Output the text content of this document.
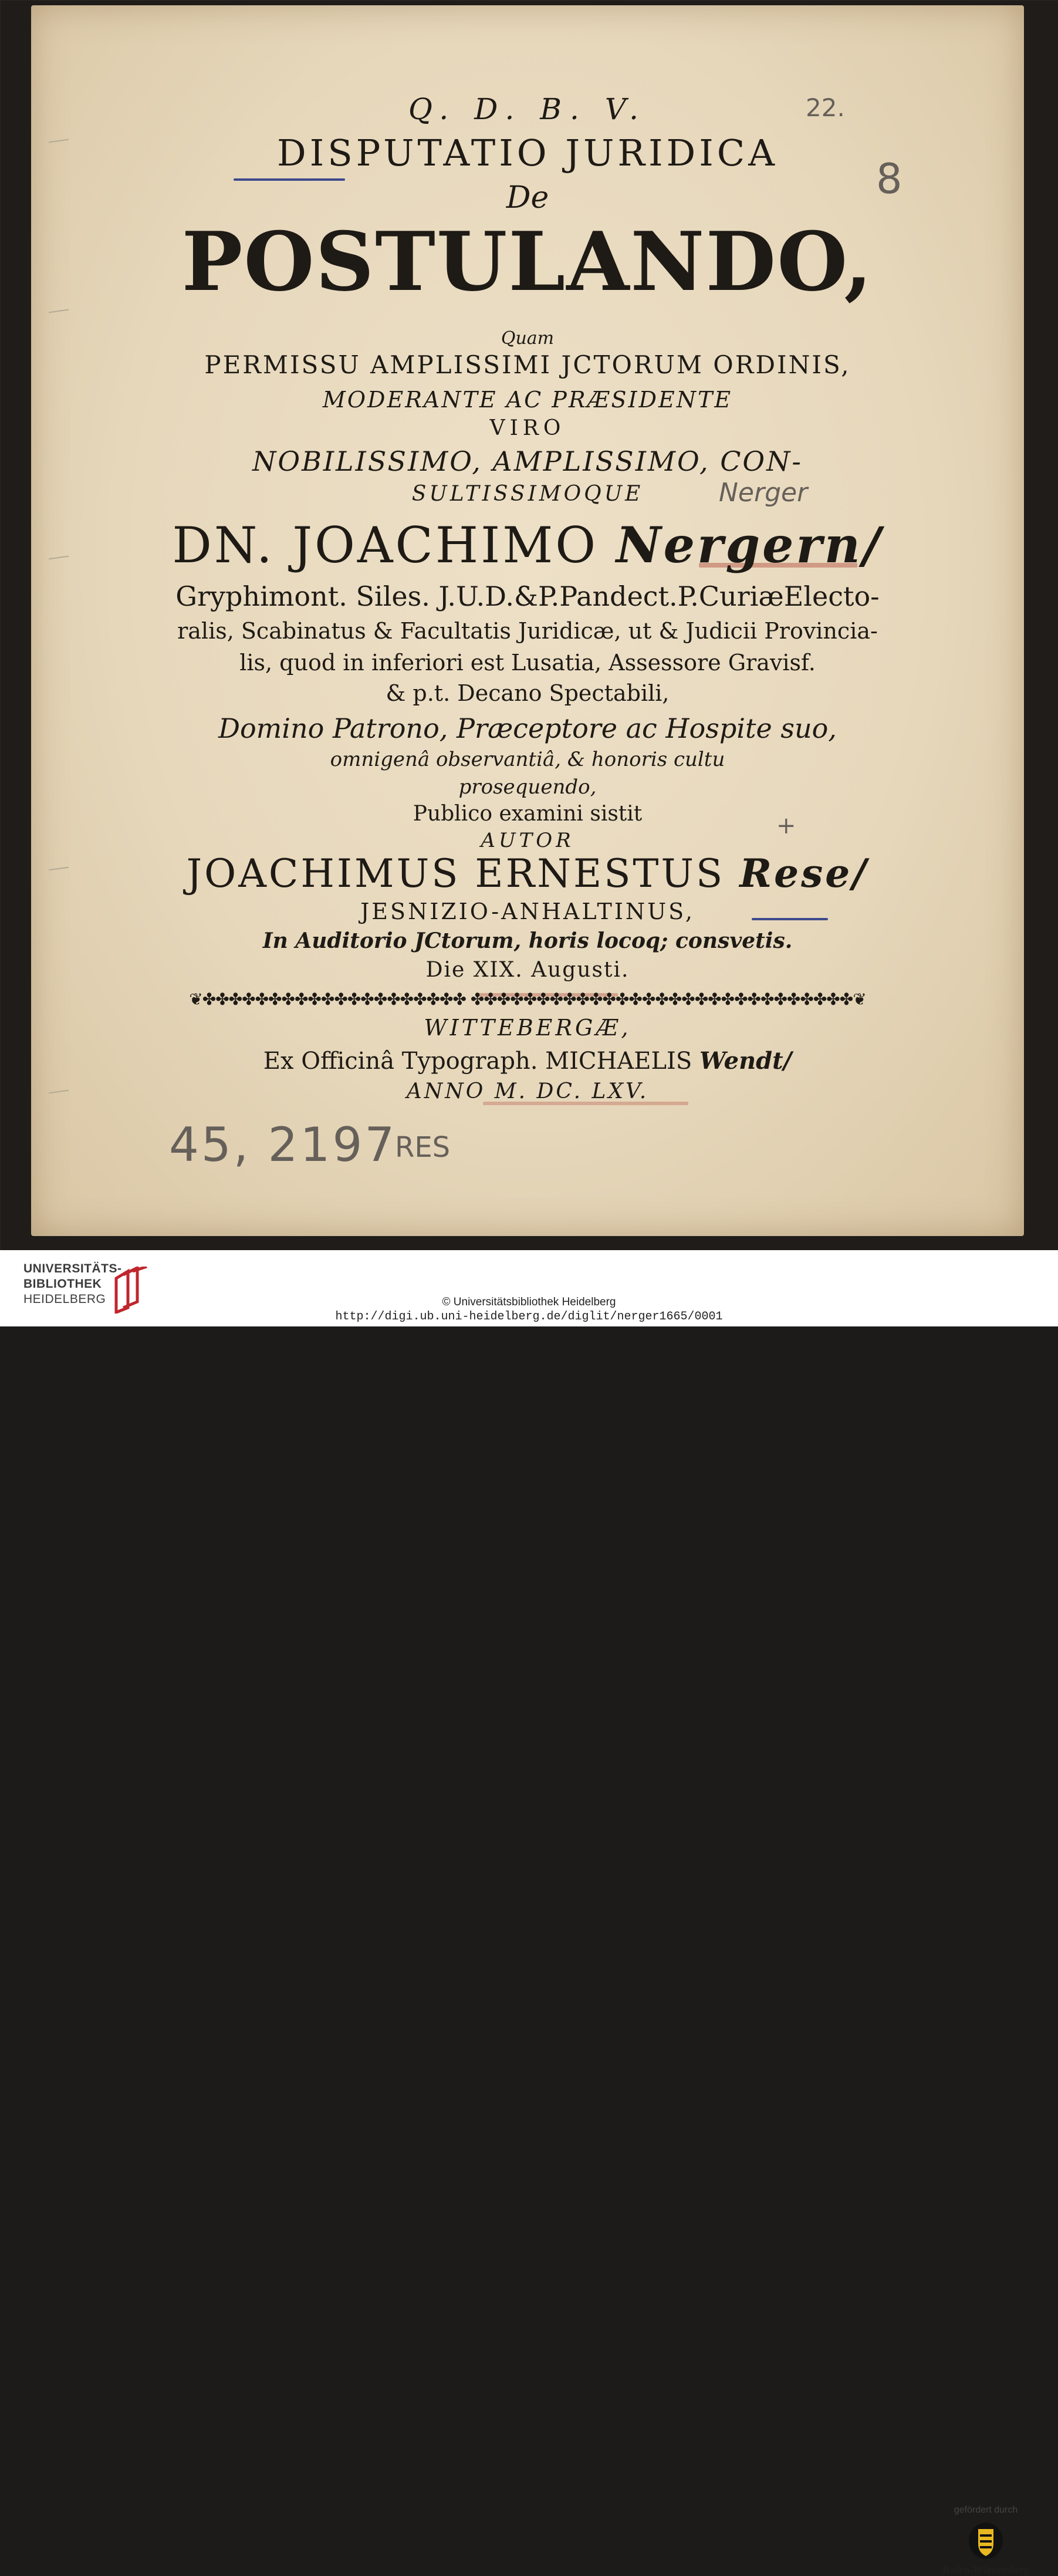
22.
8
Nerger
+
45, 2197
RES
Q. D. B. V.
DISPUTATIO JURIDICA
De
POSTULANDO,
Quam
PERMISSU AMPLISSIMI JCTORUM ORDINIS,
MODERANTE AC PRÆSIDENTE
VIRO
NOBILISSIMO, AMPLISSIMO, CON-
SULTISSIMOQUE
DN. JOACHIMO Nergern/
Gryphimont. Siles. J.U.D.&P.Pandect.P.CuriæElecto-
ralis, Scabinatus & Facultatis Juridicæ, ut & Judicii Provincia-
lis, quod in inferiori est Lusatia, Assessore Gravisf.
& p.t. Decano Spectabili,
Domino Patrono, Præceptore ac Hospite suo,
omnigenâ observantiâ, & honoris cultu
prosequendo,
Publico examini sistit
AUTOR
JOACHIMUS ERNESTUS Rese/
JESNIZIO-ANHALTINUS,
In Auditorio JCtorum, horis locoq; consvetis.
Die XIX. Augusti.
❦✤✤✤✤✤✤✤✤✤✤✤✤✤✤✤✤✤✤✤✤ ✤✤✤✤✤✤✤✤✤✤✤✤✤✤✤✤✤✤✤✤✤✤✤✤✤✤✤✤✤❦
WITTEBERGÆ,
Ex Officinâ Typograph. MICHAELIS Wendt/
ANNO M. DC. LXV.
UNIVERSITÄTS-
BIBLIOTHEK
HEIDELBERG
gefördert durch
Baden-Württemberg
© Universitätsbibliothek Heidelberg
http://digi.ub.uni-heidelberg.de/diglit/nerger1665/0001
